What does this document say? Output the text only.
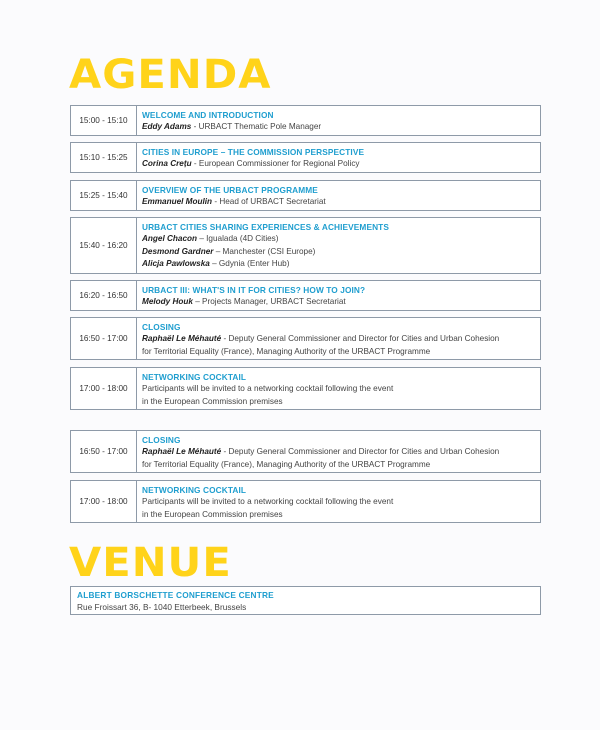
AGENDA
15:00 - 15:10
WELCOME AND INTRODUCTION
Eddy Adams - URBACT Thematic Pole Manager
15:10 - 15:25
CITIES IN EUROPE – THE COMMISSION PERSPECTIVE
Corina Crețu - European Commissioner for Regional Policy
15:25 - 15:40
OVERVIEW OF THE URBACT PROGRAMME
Emmanuel Moulin - Head of URBACT Secretariat
15:40 - 16:20
URBACT CITIES SHARING EXPERIENCES & ACHIEVEMENTS
Angel Chacon – Igualada (4D Cities)
Desmond Gardner – Manchester (CSI Europe)
Alicja Pawlowska – Gdynia (Enter Hub)
16:20 - 16:50
URBACT III: WHAT'S IN IT FOR CITIES? HOW TO JOIN?
Melody Houk – Projects Manager, URBACT Secretariat
16:50 - 17:00
CLOSING
Raphaël Le Méhauté - Deputy General Commissioner and Director for Cities and Urban Cohesion
for Territorial Equality (France), Managing Authority of the URBACT Programme
17:00 - 18:00
NETWORKING COCKTAIL
Participants will be invited to a networking cocktail following the event
in the European Commission premises
16:50 - 17:00
CLOSING
Raphaël Le Méhauté - Deputy General Commissioner and Director for Cities and Urban Cohesion
for Territorial Equality (France), Managing Authority of the URBACT Programme
17:00 - 18:00
NETWORKING COCKTAIL
Participants will be invited to a networking cocktail following the event
in the European Commission premises
VENUE
ALBERT BORSCHETTE CONFERENCE CENTRE
Rue Froissart 36, B- 1040 Etterbeek, Brussels
